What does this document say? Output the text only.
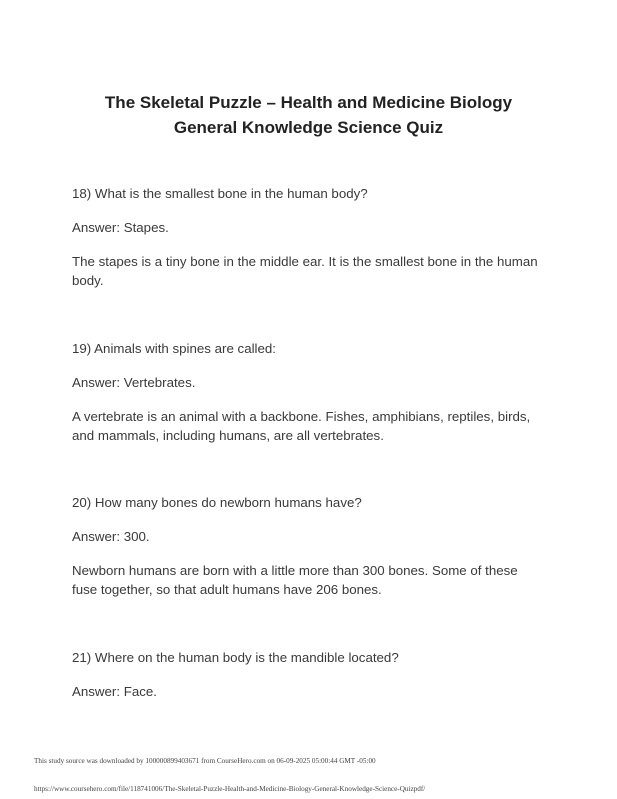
The Skeletal Puzzle – Health and Medicine Biology
General Knowledge Science Quiz

18) What is the smallest bone in the human body?

Answer: Stapes.

The stapes is a tiny bone in the middle ear. It is the smallest bone in the human body.

19) Animals with spines are called:

Answer: Vertebrates.

A vertebrate is an animal with a backbone. Fishes, amphibians, reptiles, birds, and mammals, including humans, are all vertebrates.

20) How many bones do newborn humans have?

Answer: 300.

Newborn humans are born with a little more than 300 bones. Some of these fuse together, so that adult humans have 206 bones.

21) Where on the human body is the mandible located?

Answer: Face.

This study source was downloaded by 100000899403671 from CourseHero.com on 06-09-2025 05:00:44 GMT -05:00
https://www.coursehero.com/file/118741006/The-Skeletal-Puzzle-Health-and-Medicine-Biology-General-Knowledge-Science-Quizpdf/
